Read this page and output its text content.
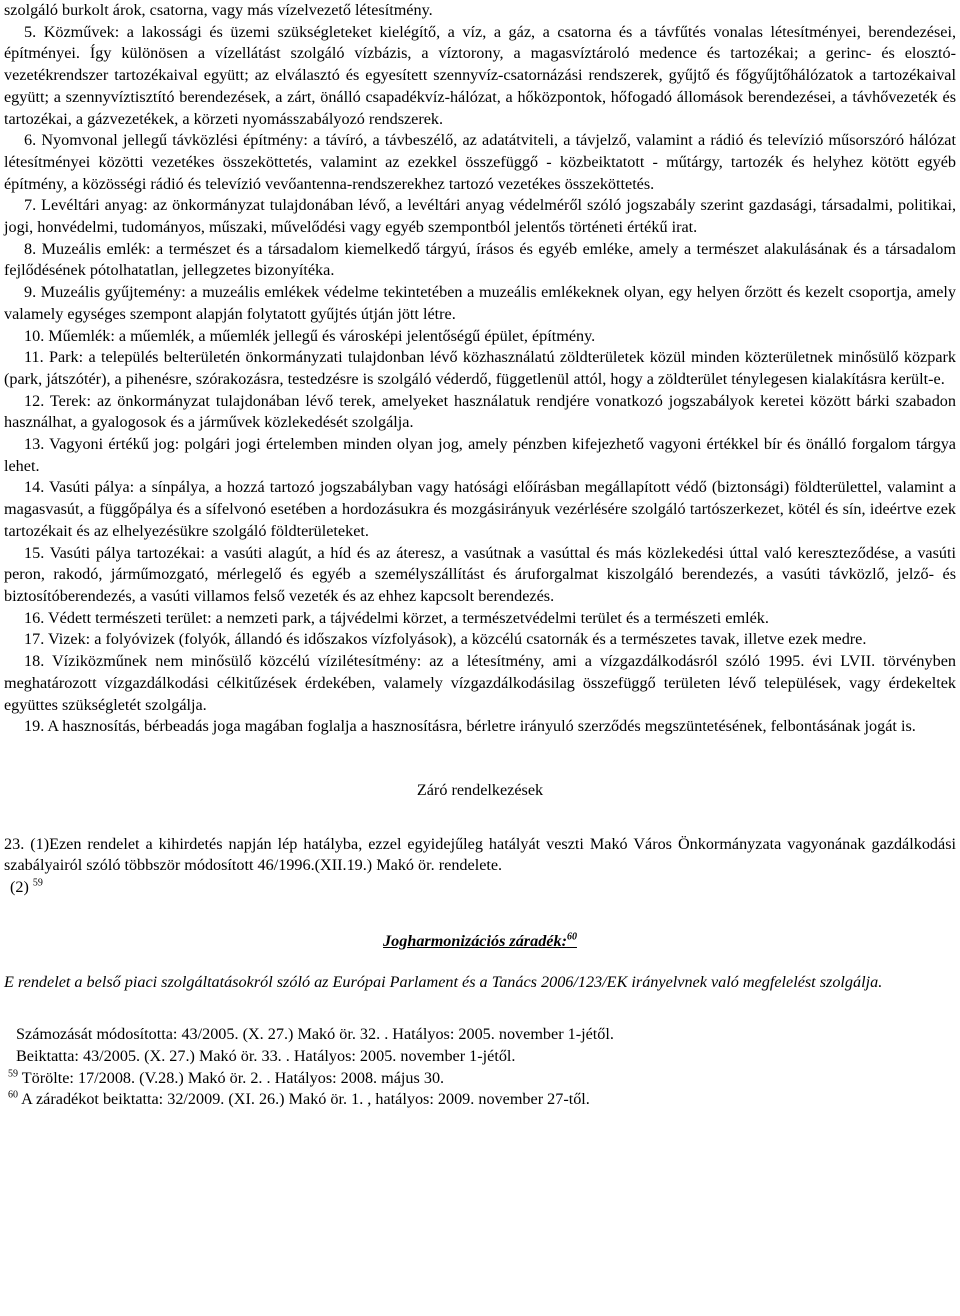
szolgáló burkolt árok, csatorna, vagy más vízelvezető létesítmény.

5. Közművek: a lakossági és üzemi szükségleteket kielégítő, a víz, a gáz, a csatorna és a távfűtés vonalas létesítményei, berendezései, építményei. Így különösen a vízellátást szolgáló vízbázis, a víztorony, a magasvíztároló medence és tartozékai; a gerinc- és elosztó-vezetékrendszer tartozékaival együtt; az elválasztó és egyesített szennyvíz-csatornázási rendszerek, gyűjtő és főgyűjtőhálózatok a tartozékaival együtt; a szennyvíztisztító berendezések, a zárt, önálló csapadékvíz-hálózat, a hőközpontok, hőfogadó állomások berendezései, a távhővezeték és tartozékai, a gázvezetékek, a körzeti nyomásszabályozó rendszerek.

6. Nyomvonal jellegű távközlési építmény: a távíró, a távbeszélő, az adatátviteli, a távjelző, valamint a rádió és televízió műsorszóró hálózat létesítményei közötti vezetékes összeköttetés, valamint az ezekkel összefüggő - közbeiktatott - műtárgy, tartozék és helyhez kötött egyéb építmény, a közösségi rádió és televízió vevőantenna-rendszerekhez tartozó vezetékes összeköttetés.

7. Levéltári anyag: az önkormányzat tulajdonában lévő, a levéltári anyag védelméről szóló jogszabály szerint gazdasági, társadalmi, politikai, jogi, honvédelmi, tudományos, műszaki, művelődési vagy egyéb szempontból jelentős történeti értékű irat.

8. Muzeális emlék: a természet és a társadalom kiemelkedő tárgyú, írásos és egyéb emléke, amely a természet alakulásának és a társadalom fejlődésének pótolhatatlan, jellegzetes bizonyítéka.

9. Muzeális gyűjtemény: a muzeális emlékek védelme tekintetében a muzeális emlékeknek olyan, egy helyen őrzött és kezelt csoportja, amely valamely egységes szempont alapján folytatott gyűjtés útján jött létre.

10. Műemlék: a műemlék, a műemlék jellegű és városképi jelentőségű épület, építmény.

11. Park: a település belterületén önkormányzati tulajdonban lévő közhasználatú zöldterületek közül minden közterületnek minősülő közpark (park, játszótér), a pihenésre, szórakozásra, testedzésre is szolgáló véderdő, függetlenül attól, hogy a zöldterület ténylegesen kialakításra került-e.

12. Terek: az önkormányzat tulajdonában lévő terek, amelyeket használatuk rendjére vonatkozó jogszabályok keretei között bárki szabadon használhat, a gyalogosok és a járművek közlekedését szolgálja.

13. Vagyoni értékű jog: polgári jogi értelemben minden olyan jog, amely pénzben kifejezhető vagyoni értékkel bír és önálló forgalom tárgya lehet.

14. Vasúti pálya: a sínpálya, a hozzá tartozó jogszabályban vagy hatósági előírásban megállapított védő (biztonsági) földterülettel, valamint a magasvasút, a függőpálya és a sífelvonó esetében a hordozásukra és mozgásirányuk vezérlésére szolgáló tartószerkezet, kötél és sín, ideértve ezek tartozékait és az elhelyezésükre szolgáló földterületeket.

15. Vasúti pálya tartozékai: a vasúti alagút, a híd és az áteresz, a vasútnak a vasúttal és más közlekedési úttal való kereszteződése, a vasúti peron, rakodó, járműmozgató, mérlegelő és egyéb a személyszállítást és áruforgalmat kiszolgáló berendezés, a vasúti távközlő, jelző- és biztosítóberendezés, a vasúti villamos felső vezeték és az ehhez kapcsolt berendezés.

16. Védett természeti terület: a nemzeti park, a tájvédelmi körzet, a természetvédelmi terület és a természeti emlék.

17. Vizek: a folyóvizek (folyók, állandó és időszakos vízfolyások), a közcélú csatornák és a természetes tavak, illetve ezek medre.

18. Víziközműnek nem minősülő közcélú vízilétesítmény: az a létesítmény, ami a vízgazdálkodásról szóló 1995. évi LVII. törvényben meghatározott vízgazdálkodási célkitűzések érdekében, valamely vízgazdálkodásilag összefüggő területen lévő települések, vagy érdekeltek együttes szükségletét szolgálja.

19. A hasznosítás, bérbeadás joga magában foglalja a hasznosításra, bérletre irányuló szerződés megszüntetésének, felbontásának jogát is.

Záró rendelkezések

23. (1)Ezen rendelet a kihirdetés napján lép hatályba, ezzel egyidejűleg hatályát veszti Makó Város Önkormányzata vagyonának gazdálkodási szabályairól szóló többször módosított 46/1996.(XII.19.) Makó ör. rendelete.

(2) $^{59}$

Jogharmonizációs záradék:$^{60}$

E rendelet a belső piaci szolgáltatásokról szóló az Európai Parlament és a Tanács 2006/123/EK irányelvnek való megfelelést szolgálja.

Számozását módosította: 43/2005. (X. 27.) Makó ör. 32. . Hatályos: 2005. november 1-jétől.

Beiktatta: 43/2005. (X. 27.) Makó ör. 33. . Hatályos: 2005. november 1-jétől.

$^{59}$ Törölte: 17/2008. (V.28.) Makó ör. 2. . Hatályos: 2008. május 30.

$^{60}$ A záradékot beiktatta: 32/2009. (XI. 26.) Makó ör. 1. , hatályos: 2009. november 27-től.
